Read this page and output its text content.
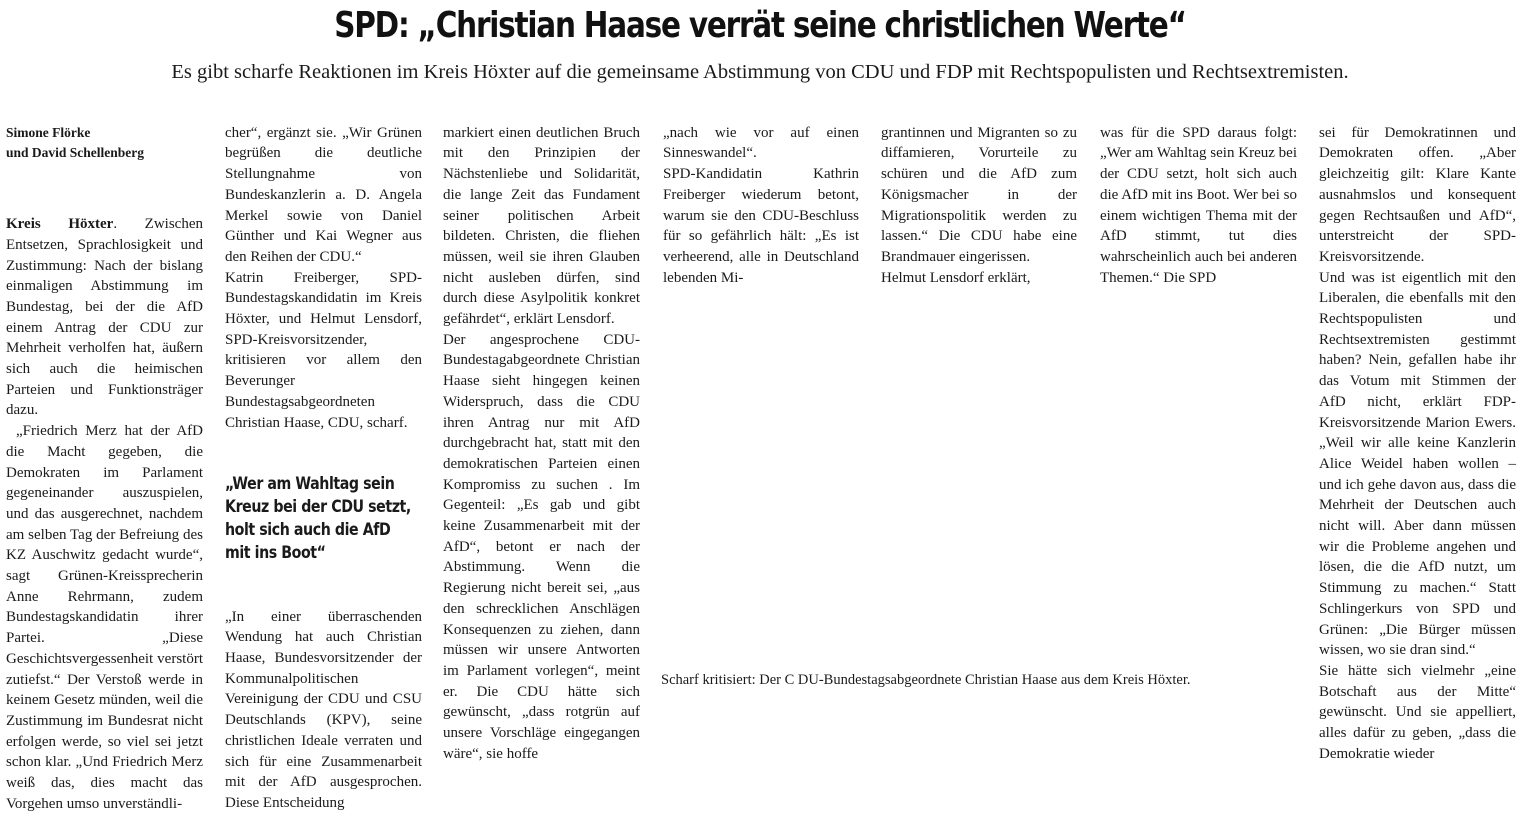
SPD: „Christian Haase verrät seine christlichen Werte“
Es gibt scharfe Reaktionen im Kreis Höxter auf die gemeinsame Abstimmung von CDU und FDP mit Rechtspopulisten und Rechtsextremisten.

Simone Flörke
und David Schellenberg

Kreis Höxter. Zwischen Entsetzen, Sprachlosigkeit und Zustimmung: Nach der bislang einmaligen Abstimmung im Bundestag, bei der die AfD einem Antrag der CDU zur Mehrheit verholfen hat, äußern sich auch die heimischen Parteien und Funktionsträger dazu.

„Friedrich Merz hat der AfD die Macht gegeben, die Demokraten im Parlament gegeneinander auszuspielen, und das ausgerechnet, nachdem am selben Tag der Befreiung des KZ Auschwitz gedacht wurde“, sagt Grünen-Kreissprecherin Anne Rehrmann, zudem Bundestagskandidatin ihrer Partei. „Diese Geschichtsvergessenheit verstört zutiefst.“ Der Verstoß werde in keinem Gesetz münden, weil die Zustimmung im Bundesrat nicht erfolgen werde, so viel sei jetzt schon klar. „Und Friedrich Merz weiß das, dies macht das Vorgehen umso unverständli-

cher“, ergänzt sie. „Wir Grünen begrüßen die deutliche Stellungnahme von Bundeskanzlerin a. D. Angela Merkel sowie von Daniel Günther und Kai Wegner aus den Reihen der CDU.“
Katrin Freiberger, SPD-Bundestagskandidatin im Kreis Höxter, und Helmut Lensdorf, SPD-Kreisvorsitzender, kritisieren vor allem den Beverunger Bundestagsabgeordneten Christian Haase, CDU, scharf.

„Wer am Wahltag sein
Kreuz bei der CDU setzt,
holt sich auch die AfD
mit ins Boot“

„In einer überraschenden Wendung hat auch Christian Haase, Bundesvorsitzender der Kommunalpolitischen Vereinigung der CDU und CSU Deutschlands (KPV), seine christlichen Ideale verraten und sich für eine Zusammenarbeit mit der AfD ausgesprochen. Diese Entscheidung

markiert einen deutlichen Bruch mit den Prinzipien der Nächstenliebe und Solidarität, die lange Zeit das Fundament seiner politischen Arbeit bildeten. Christen, die fliehen müssen, weil sie ihren Glauben nicht ausleben dürfen, sind durch diese Asylpolitik konkret gefährdet“, erklärt Lensdorf.
Der angesprochene CDU-Bundestagabgeordnete Christian Haase sieht hingegen keinen Widerspruch, dass die CDU ihren Antrag nur mit AfD durchgebracht hat, statt mit den demokratischen Parteien einen Kompromiss zu suchen . Im Gegenteil: „Es gab und gibt keine Zusammenarbeit mit der AfD“, betont er nach der Abstimmung. Wenn die Regierung nicht bereit sei, „aus den schrecklichen Anschlägen Konsequenzen zu ziehen, dann müssen wir unsere Antworten im Parlament vorlegen“, meint er. Die CDU hätte sich gewünscht, „dass rotgrün auf unsere Vorschläge eingegangen wäre“, sie hoffe

„nach wie vor auf einen Sinneswandel“.
SPD-Kandidatin Kathrin Freiberger wiederum betont, warum sie den CDU-Beschluss für so gefährlich hält: „Es ist verheerend, alle in Deutschland lebenden Mi-

grantinnen und Migranten so zu diffamieren, Vorurteile zu schüren und die AfD zum Königsmacher in der Migrationspolitik werden zu lassen.“ Die CDU habe eine Brandmauer eingerissen.
Helmut Lensdorf erklärt,

was für die SPD daraus folgt: „Wer am Wahltag sein Kreuz bei der CDU setzt, holt sich auch die AfD mit ins Boot. Wer bei so einem wichtigen Thema mit der AfD stimmt, tut dies wahrscheinlich auch bei anderen Themen.“ Die SPD

sei für Demokratinnen und Demokraten offen. „Aber gleichzeitig gilt: Klare Kante ausnahmslos und konsequent gegen Rechtsaußen und AfD“, unterstreicht der SPD-Kreisvorsitzende.
Und was ist eigentlich mit den Liberalen, die ebenfalls mit den Rechtspopulisten und Rechtsextremisten gestimmt haben? Nein, gefallen habe ihr das Votum mit Stimmen der AfD nicht, erklärt FDP-Kreisvorsitzende Marion Ewers. „Weil wir alle keine Kanzlerin Alice Weidel haben wollen – und ich gehe davon aus, dass die Mehrheit der Deutschen auch nicht will. Aber dann müssen wir die Probleme angehen und lösen, die die AfD nutzt, um Stimmung zu machen.“ Statt Schlingerkurs von SPD und Grünen: „Die Bürger müssen wissen, wo sie dran sind.“
Sie hätte sich vielmehr „eine Botschaft aus der Mitte“ gewünscht. Und sie appelliert, alles dafür zu geben, „dass die Demokratie wieder

Scharf kritisiert: Der C DU-Bundestagsabgeordnete Christian Haase aus dem Kreis Höxter.
